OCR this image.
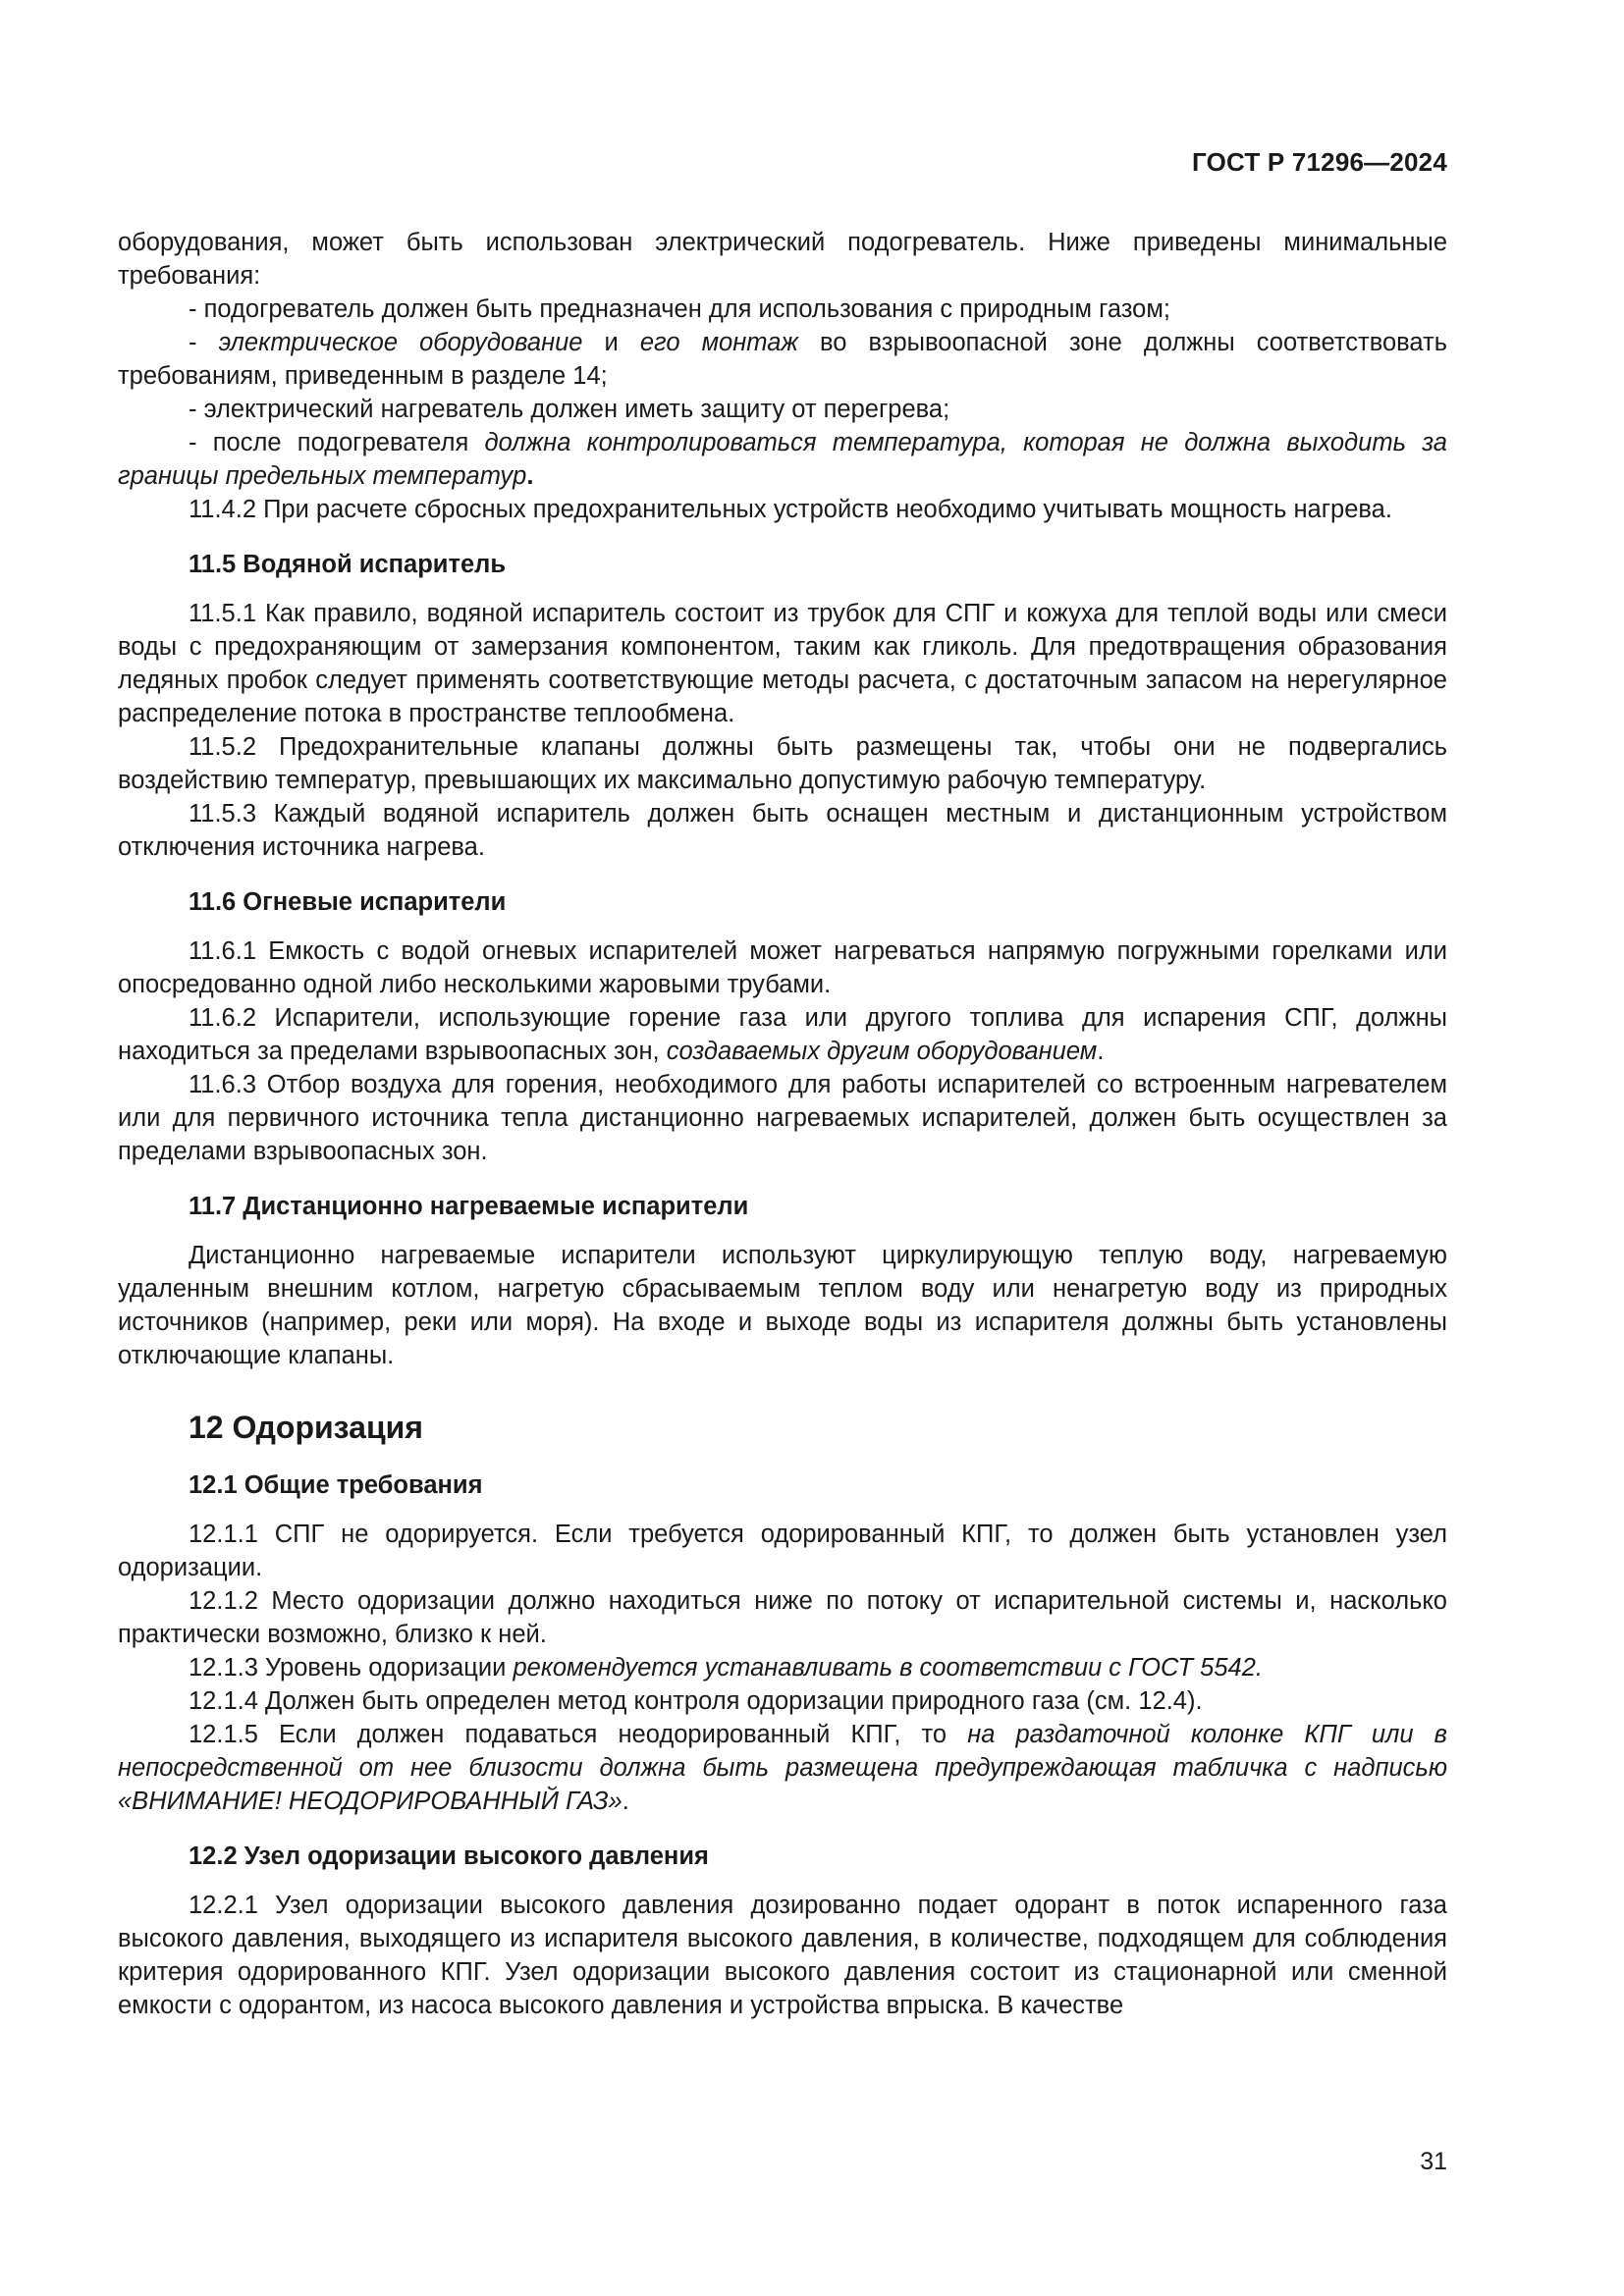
ГОСТ Р 71296—2024

оборудования, может быть использован электрический подогреватель. Ниже приведены минимальные требования:

- подогреватель должен быть предназначен для использования с природным газом;

- электрическое оборудование и его монтаж во взрывоопасной зоне должны соответствовать требованиям, приведенным в разделе 14;

- электрический нагреватель должен иметь защиту от перегрева;

- после подогревателя должна контролироваться температура, которая не должна выходить за границы предельных температур.

11.4.2 При расчете сбросных предохранительных устройств необходимо учитывать мощность нагрева.

11.5 Водяной испаритель

11.5.1 Как правило, водяной испаритель состоит из трубок для СПГ и кожуха для теплой воды или смеси воды с предохраняющим от замерзания компонентом, таким как гликоль. Для предотвращения образования ледяных пробок следует применять соответствующие методы расчета, с достаточным запасом на нерегулярное распределение потока в пространстве теплообмена.

11.5.2 Предохранительные клапаны должны быть размещены так, чтобы они не подвергались воздействию температур, превышающих их максимально допустимую рабочую температуру.

11.5.3 Каждый водяной испаритель должен быть оснащен местным и дистанционным устройством отключения источника нагрева.

11.6 Огневые испарители

11.6.1 Емкость с водой огневых испарителей может нагреваться напрямую погружными горелками или опосредованно одной либо несколькими жаровыми трубами.

11.6.2 Испарители, использующие горение газа или другого топлива для испарения СПГ, должны находиться за пределами взрывоопасных зон, создаваемых другим оборудованием.

11.6.3 Отбор воздуха для горения, необходимого для работы испарителей со встроенным нагревателем или для первичного источника тепла дистанционно нагреваемых испарителей, должен быть осуществлен за пределами взрывоопасных зон.

11.7 Дистанционно нагреваемые испарители

Дистанционно нагреваемые испарители используют циркулирующую теплую воду, нагреваемую удаленным внешним котлом, нагретую сбрасываемым теплом воду или ненагретую воду из природных источников (например, реки или моря). На входе и выходе воды из испарителя должны быть установлены отключающие клапаны.

12 Одоризация
12.1 Общие требования

12.1.1 СПГ не одорируется. Если требуется одорированный КПГ, то должен быть установлен узел одоризации.

12.1.2 Место одоризации должно находиться ниже по потоку от испарительной системы и, насколько практически возможно, близко к ней.

12.1.3 Уровень одоризации рекомендуется устанавливать в соответствии с ГОСТ 5542.

12.1.4 Должен быть определен метод контроля одоризации природного газа (см. 12.4).

12.1.5 Если должен подаваться неодорированный КПГ, то на раздаточной колонке КПГ или в непосредственной от нее близости должна быть размещена предупреждающая табличка с надписью «ВНИМАНИЕ! НЕОДОРИРОВАННЫЙ ГАЗ».

12.2 Узел одоризации высокого давления

12.2.1 Узел одоризации высокого давления дозированно подает одорант в поток испаренного газа высокого давления, выходящего из испарителя высокого давления, в количестве, подходящем для соблюдения критерия одорированного КПГ. Узел одоризации высокого давления состоит из стационарной или сменной емкости с одорантом, из насоса высокого давления и устройства впрыска. В качестве

31
